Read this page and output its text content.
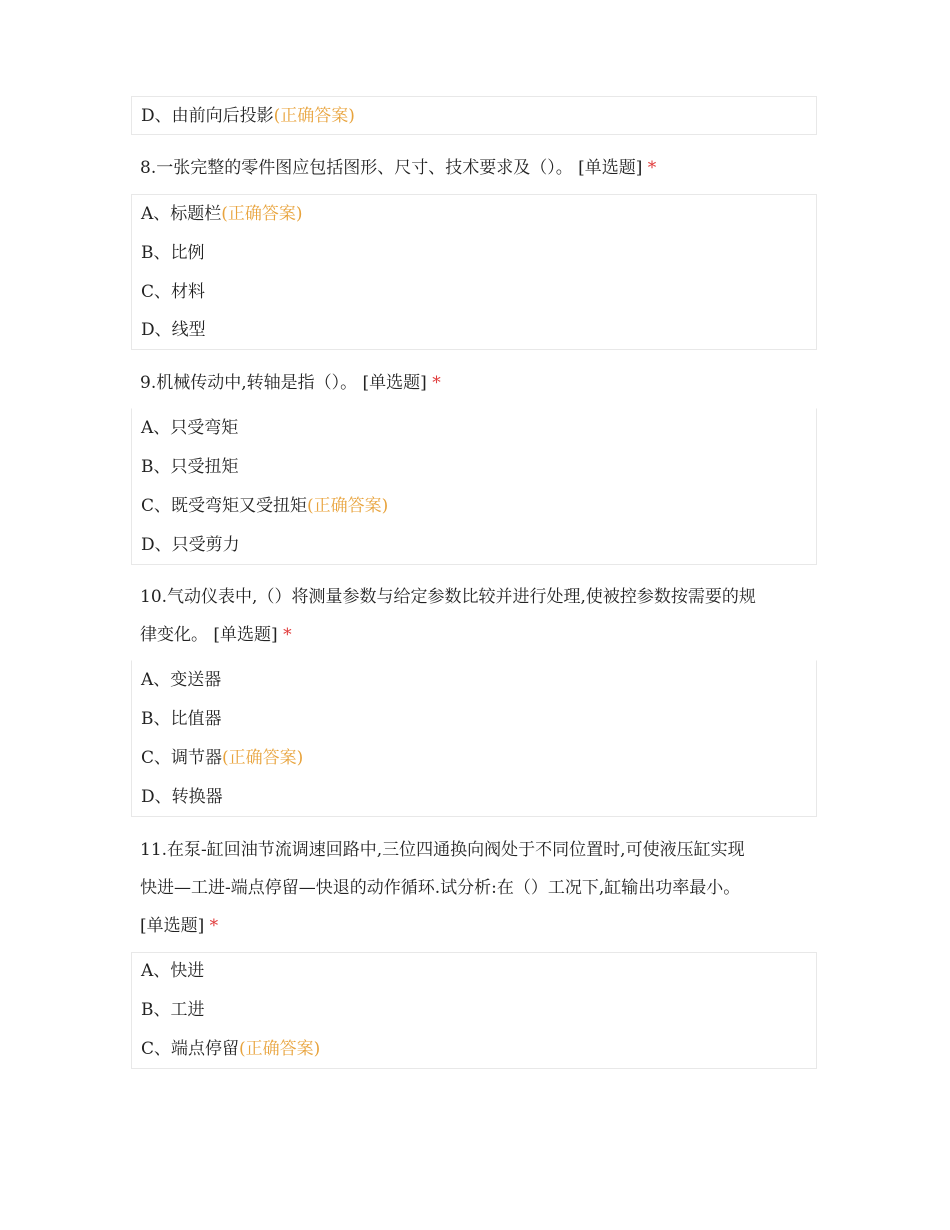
D、由前向后投影(正确答案)
8.一张完整的零件图应包括图形、尺寸、技术要求及（）。 [单选题] *
A、标题栏(正确答案)
B、比例
C、材料
D、线型
9.机械传动中,转轴是指（）。 [单选题] *
A、只受弯矩
B、只受扭矩
C、既受弯矩又受扭矩(正确答案)
D、只受剪力
10.气动仪表中,（）将测量参数与给定参数比较并进行处理,使被控参数按需要的规
律变化。 [单选题] *
A、变送器
B、比值器
C、调节器(正确答案)
D、转换器
11.在泵-缸回油节流调速回路中,三位四通换向阀处于不同位置时,可使液压缸实现
快进—工进-端点停留—快退的动作循环.试分析:在（）工况下,缸输出功率最小。
[单选题] *
A、快进
B、工进
C、端点停留(正确答案)
